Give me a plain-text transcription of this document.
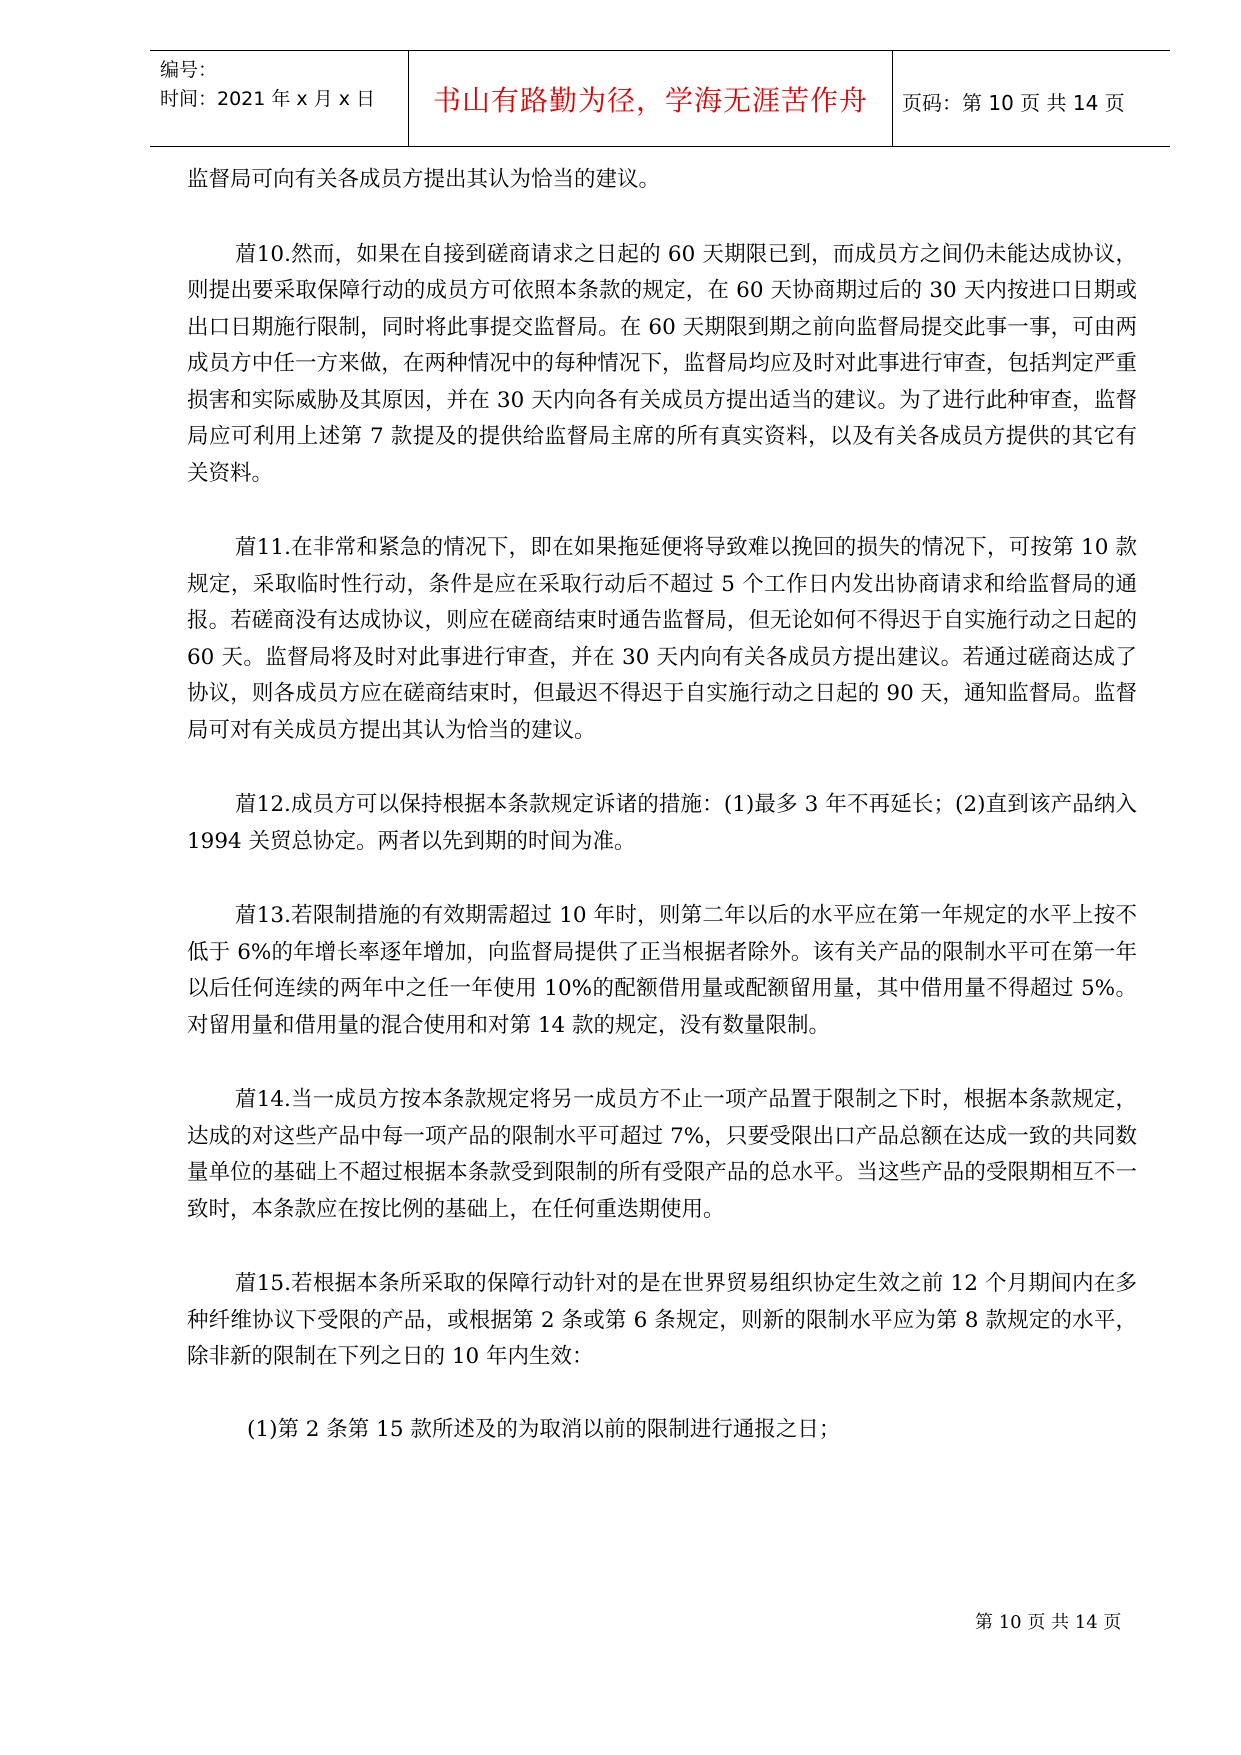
编号：
时间：2021 年 x 月 x 日	书山有路勤为径，学海无涯苦作舟	页码：第 10 页 共 14 页

监督局可向有关各成员方提出其认为恰当的建议。

葿10.然而，如果在自接到磋商请求之日起的 60 天期限已到，而成员方之间仍未能达成协议，则提出要采取保障行动的成员方可依照本条款的规定，在 60 天协商期过后的 30 天内按进口日期或出口日期施行限制，同时将此事提交监督局。在 60 天期限到期之前向监督局提交此事一事，可由两成员方中任一方来做，在两种情况中的每种情况下，监督局均应及时对此事进行审查，包括判定严重损害和实际威胁及其原因，并在 30 天内向各有关成员方提出适当的建议。为了进行此种审查，监督局应可利用上述第 7 款提及的提供给监督局主席的所有真实资料，以及有关各成员方提供的其它有关资料。

葿11.在非常和紧急的情况下，即在如果拖延便将导致难以挽回的损失的情况下，可按第 10 款规定，采取临时性行动，条件是应在采取行动后不超过 5 个工作日内发出协商请求和给监督局的通报。若磋商没有达成协议，则应在磋商结束时通告监督局，但无论如何不得迟于自实施行动之日起的 60 天。监督局将及时对此事进行审查，并在 30 天内向有关各成员方提出建议。若通过磋商达成了协议，则各成员方应在磋商结束时，但最迟不得迟于自实施行动之日起的 90 天，通知监督局。监督局可对有关成员方提出其认为恰当的建议。

葿12.成员方可以保持根据本条款规定诉诸的措施：(1)最多 3 年不再延长；(2)直到该产品纳入 1994 关贸总协定。两者以先到期的时间为准。

葿13.若限制措施的有效期需超过 10 年时，则第二年以后的水平应在第一年规定的水平上按不低于 6%的年增长率逐年增加，向监督局提供了正当根据者除外。该有关产品的限制水平可在第一年以后任何连续的两年中之任一年使用 10%的配额借用量或配额留用量，其中借用量不得超过 5%。对留用量和借用量的混合使用和对第 14 款的规定，没有数量限制。

葿14.当一成员方按本条款规定将另一成员方不止一项产品置于限制之下时，根据本条款规定，达成的对这些产品中每一项产品的限制水平可超过 7%，只要受限出口产品总额在达成一致的共同数量单位的基础上不超过根据本条款受到限制的所有受限产品的总水平。当这些产品的受限期相互不一致时，本条款应在按比例的基础上，在任何重迭期使用。

葿15.若根据本条所采取的保障行动针对的是在世界贸易组织协定生效之前 12 个月期间内在多种纤维协议下受限的产品，或根据第 2 条或第 6 条规定，则新的限制水平应为第 8 款规定的水平，除非新的限制在下列之日的 10 年内生效：

(1)第 2 条第 15 款所述及的为取消以前的限制进行通报之日；

第 10 页 共 14 页
